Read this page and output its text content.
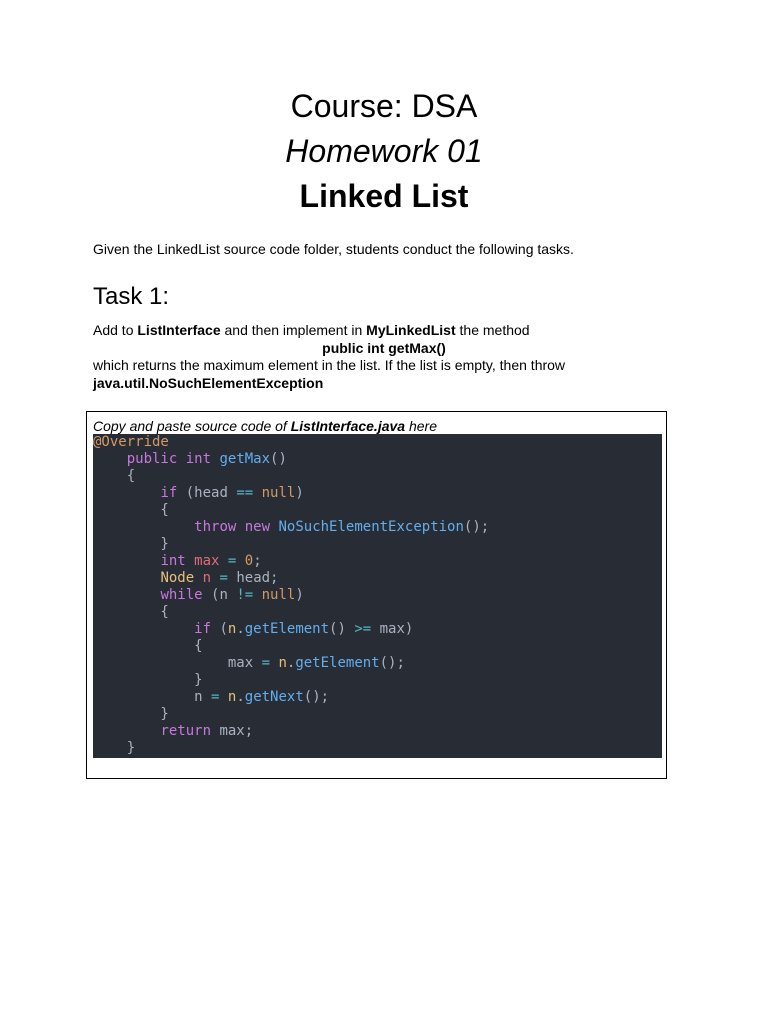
Course: DSA
Homework 01
Linked List
Given the LinkedList source code folder, students conduct the following tasks.
Task 1:
Add to ListInterface and then implement in MyLinkedList the method
public int getMax()
which returns the maximum element in the list. If the list is empty, then throw
java.util.NoSuchElementException
Copy and paste source code of ListInterface.java here
@Override
public int getMax()
{
if (head == null)
{
throw new NoSuchElementException();
}
int max = 0;
Node n = head;
while (n != null)
{
if (n.getElement() >= max)
{
max = n.getElement();
}
n = n.getNext();
}
return max;
}
